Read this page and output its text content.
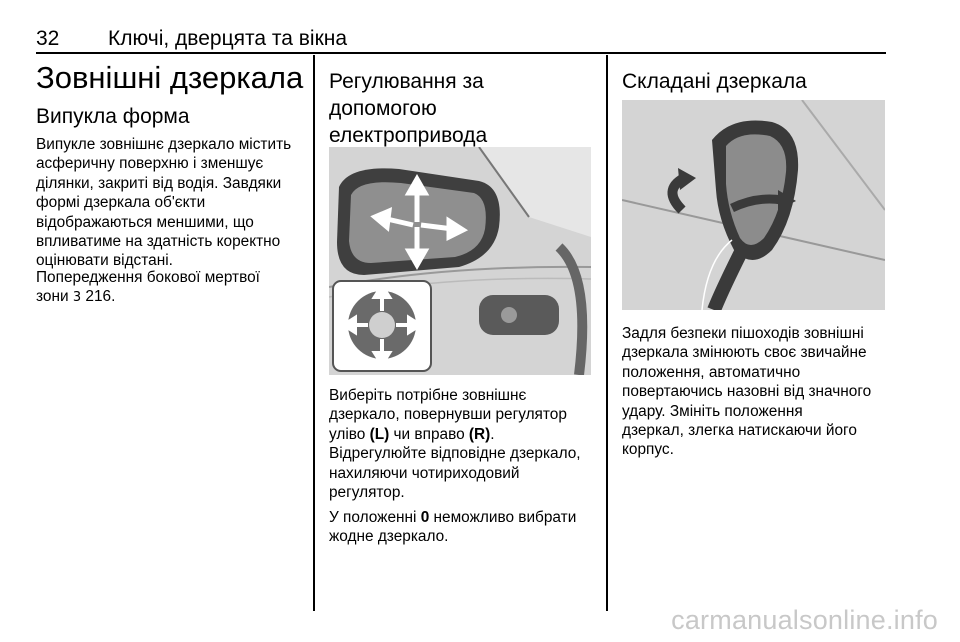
32 Ключі, дверцята та вікна
Зовнішні дзеркала
Випукла форма
Випукле зовнішнє дзеркало містить
асферичну поверхню і зменшує
ділянки, закриті від водія. Завдяки
формі дзеркала об'єкти
відображаються меншими, що
впливатиме на здатність коректно
оцінювати відстані.
Попередження бокової мертвої
зони 3 216.
Регулювання за
допомогою
електропривода
Виберіть потрібне зовнішнє
дзеркало, повернувши регулятор
уліво (L) чи вправо (R).
Відрегулюйте відповідне дзеркало,
нахиляючи чотириходовий
регулятор.
У положенні 0 неможливо вибрати
жодне дзеркало.
Складані дзеркала
Задля безпеки пішоходів зовнішні
дзеркала змінюють своє звичайне
положення, автоматично
повертаючись назовні від значного
удару. Змініть положення
дзеркал, злегка натискаючи його
корпус.
carmanualsonline.info
